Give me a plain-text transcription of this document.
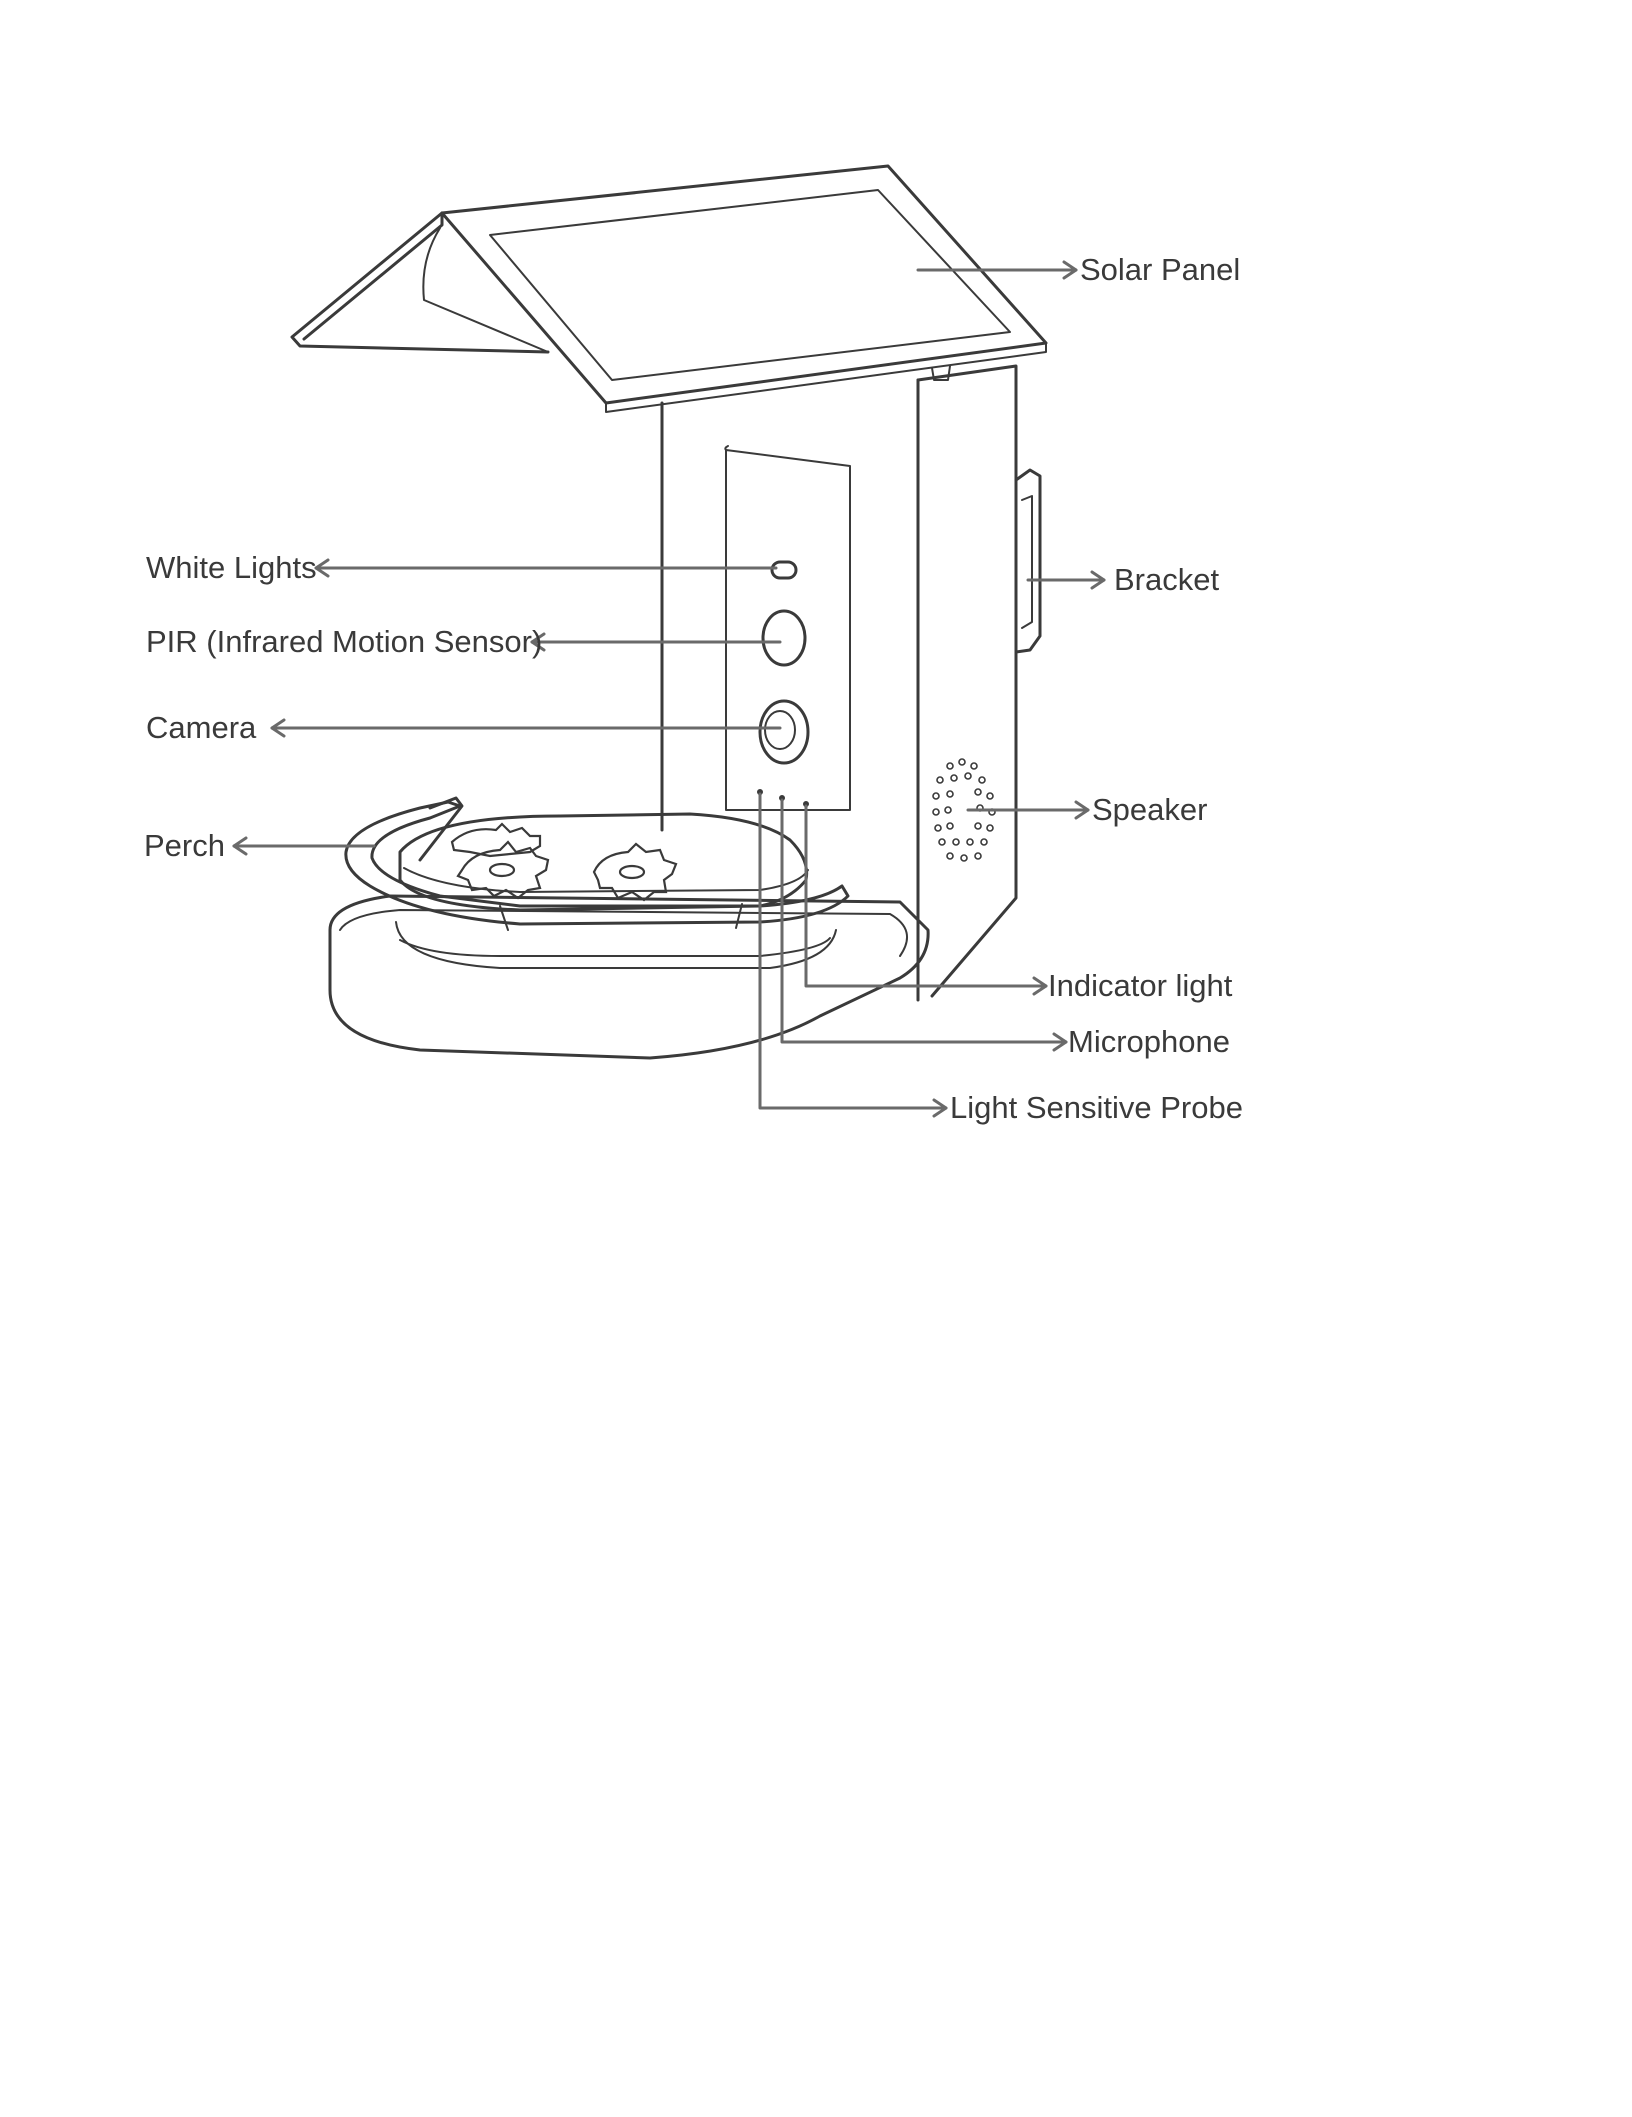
Solar Panel
White Lights	Bracket
PIR (Infrared Motion Sensor)
Camera
Speaker
Perch
Indicator light
Microphone
Light Sensitive Probe
